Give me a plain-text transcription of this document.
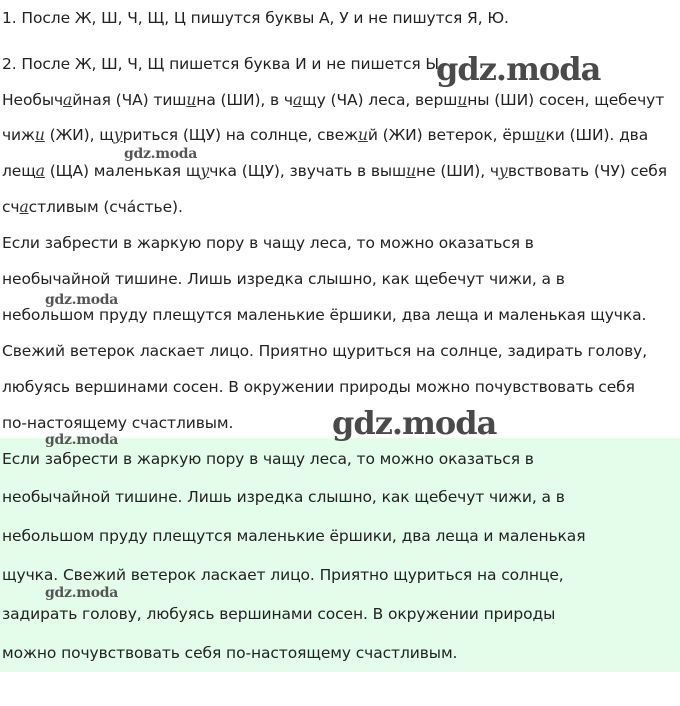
1. После Ж, Ш, Ч, Щ, Ц пишутся буквы А, У и не пишутся Я, Ю.
2. После Ж, Ш, Ч, Щ пишется буква И и не пишется Ы.
Необычайная (ЧА) тишина (ШИ), в чащу (ЧА) леса, вершины (ШИ) сосен, щебечут
чижи (ЖИ), щуриться (ЩУ) на солнце, свежий (ЖИ) ветерок, ёршики (ШИ). два
леща (ЩА) маленькая щучка (ЩУ), звучать в вышине (ШИ), чувствовать (ЧУ) себя
счастливым (сча́стье).
Если забрести в жаркую пору в чащу леса, то можно оказаться в
необычайной тишине. Лишь изредка слышно, как щебечут чижи, а в
небольшом пруду плещутся маленькие ёршики, два леща и маленькая щучка.
Свежий ветерок ласкает лицо. Приятно щуриться на солнце, задирать голову,
любуясь вершинами сосен. В окружении природы можно почувствовать себя
по-настоящему счастливым.
Если забрести в жаркую пору в чащу леса, то можно оказаться в
необычайной тишине. Лишь изредка слышно, как щебечут чижи, а в
небольшом пруду плещутся маленькие ёршики, два леща и маленькая
щучка. Свежий ветерок ласкает лицо. Приятно щуриться на солнце,
задирать голову, любуясь вершинами сосен. В окружении природы
можно почувствовать себя по-настоящему счастливым.
gdz.moda
gdz.moda
gdz.moda
gdz.moda
gdz.moda
gdz.moda
